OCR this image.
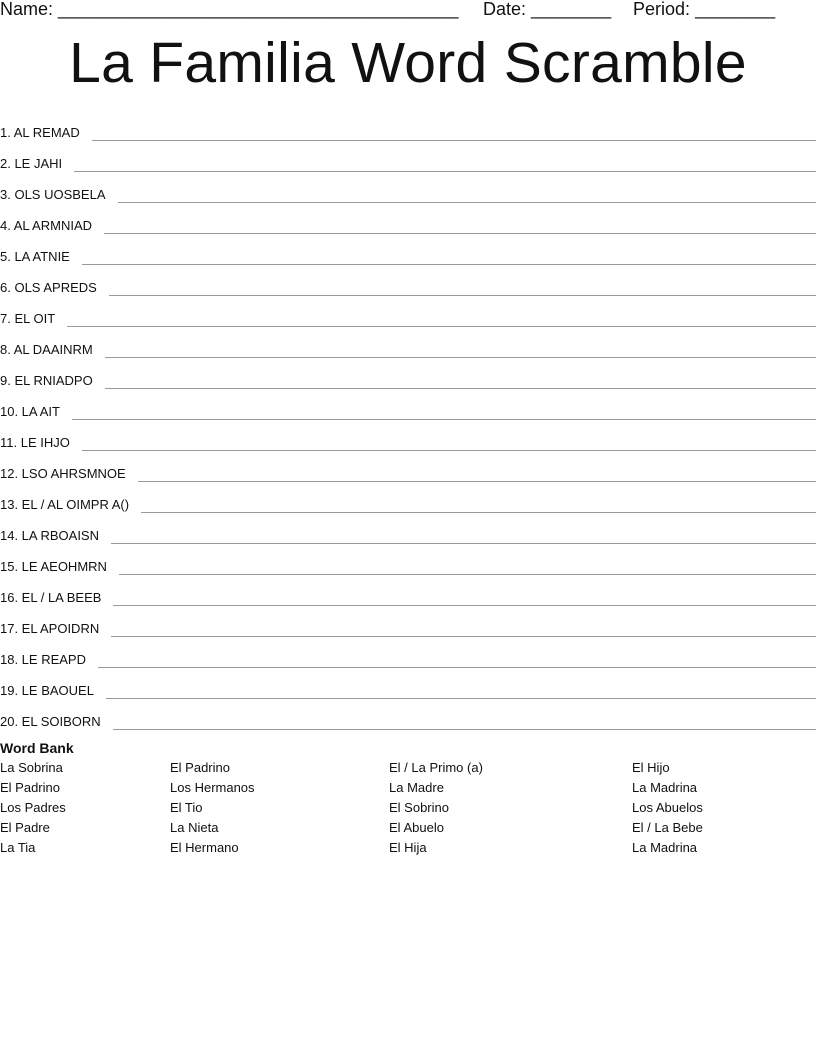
Name: ________________________________________ Date: ________ Period: ________
La Familia Word Scramble
1. AL REMAD
2. LE JAHI
3. OLS UOSBELA
4. AL ARMNIAD
5. LA ATNIE
6. OLS APREDS
7. EL OIT
8. AL DAAINRM
9. EL RNIADPO
10. LA AIT
11. LE IHJO
12. LSO AHRSMNOE
13. EL / AL OIMPR A()
14. LA RBOAISN
15. LE AEOHMRN
16. EL / LA BEEB
17. EL APOIDRN
18. LE REAPD
19. LE BAOUEL
20. EL SOIBORN
Word Bank
La Sobrina
El Padrino
Los Padres
El Padre
La Tia
El Padrino
Los Hermanos
El Tio
La Nieta
El Hermano
El / La Primo (a)
La Madre
El Sobrino
El Abuelo
El Hija
El Hijo
La Madrina
Los Abuelos
El / La Bebe
La Madrina
